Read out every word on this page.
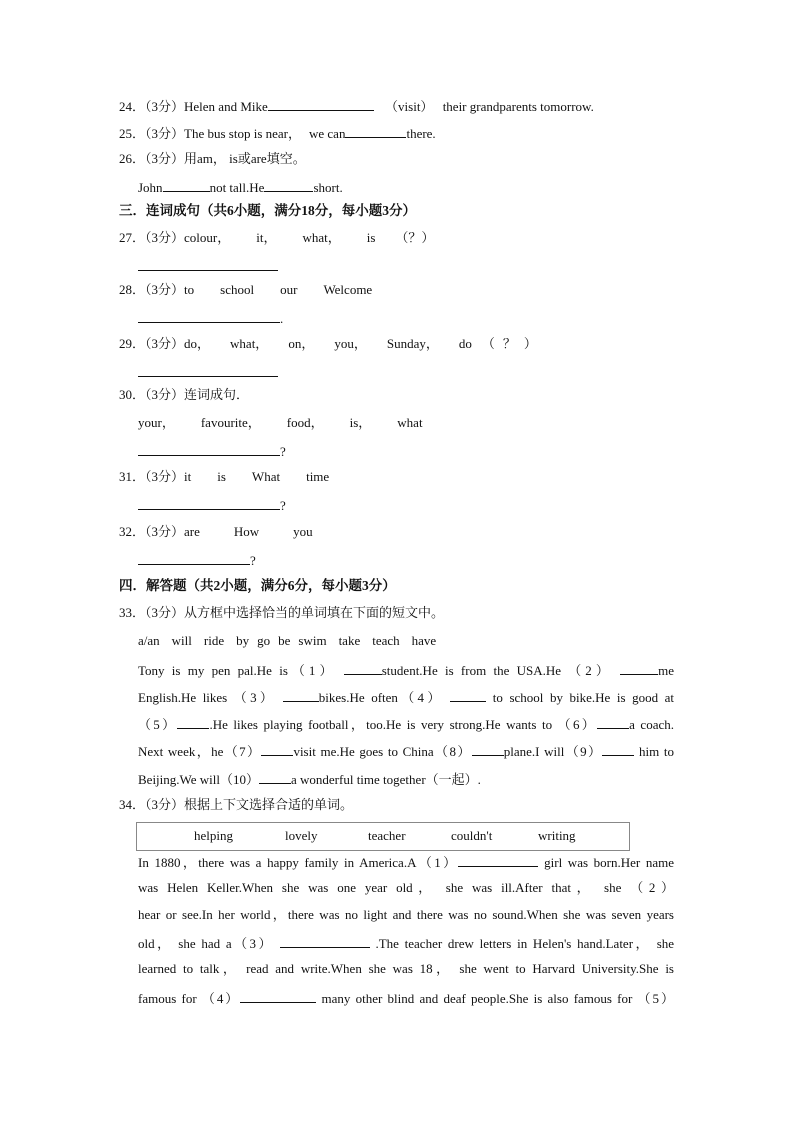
24．（3分）Helen and Mike	（visit） their grandparents tomorrow.
25．（3分）The bus stop is near， we can	there.
26．（3分）用am， is或are填空。
John	not tall.He	short.
三．连词成句（共6小题，满分18分，每小题3分）
27．（3分）colour， it， what， is （？）
28．（3分）to school our Welcome
.
29．（3分）do， what， on， you， Sunday， do （ ？ ）
30．（3分）连词成句．
your， favourite， food， is， what
?
31．（3分）it is What time
?
32．（3分）are	How	you
?
四．解答题（共2小题，满分6分，每小题3分）
33．（3分）从方框中选择恰当的单词填在下面的短文中。
a/an will ride by go be swim take teach have
Tony is my pen pal.He is（1）	student.He is from the USA.He （2）	me
English.He likes （3）	bikes.He often（4）	to school by bike.He is good at
（5） .He likes playing football，too.He is very strong.He wants to （6） a coach.
Next week，he（7） visit me.He goes to China（8） plane.I will（9）	him to
Beijing.We will（10） a wonderful time together（一起）.
34．（3分）根据上下文选择合适的单词。
helping	lovely	teacher	couldn't	writing
In 1880，there was a happy family in America.A（1）	girl was born.Her name
was Helen Keller.When she was one year old， she was ill.After that， she （2）
hear or see.In her world，there was no light and there was no sound.When she was seven years
old， she had a（3）	.The teacher drew letters in Helen's hand.Later， she
learned to talk， read and write.When she was 18， she went to Harvard University.She is
famous for （4）	many other blind and deaf people.She is also famous for （5）
